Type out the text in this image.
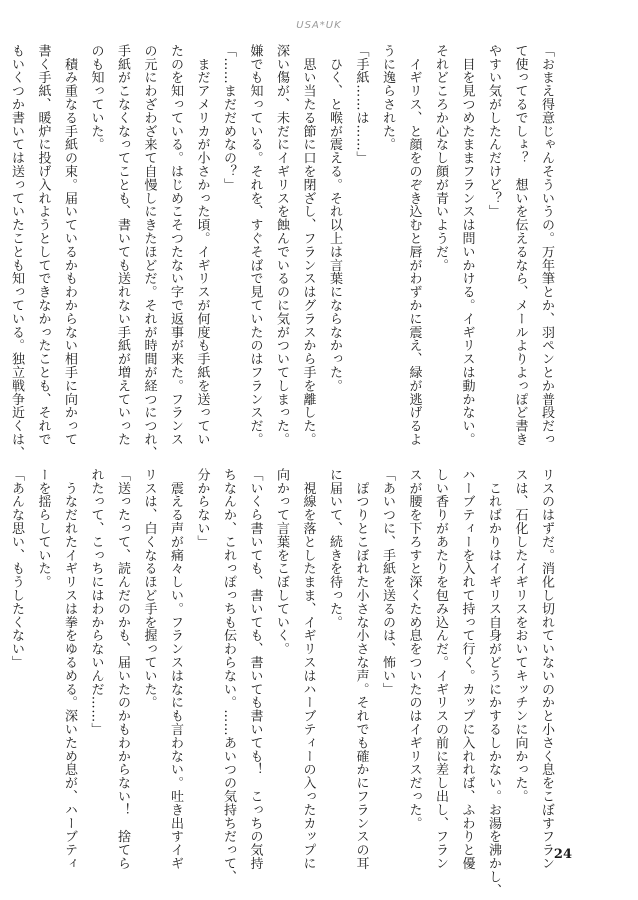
USA*UK
「おまえ得意じゃんそういうの。万年筆とか、羽ペンとか普段だっ
て使ってるでしょ？　想いを伝えるなら、メールよりよっぽど書き
やすい気がしたんだけど？」
　目を見つめたままフランスは問いかける。イギリスは動かない。
それどころか心なし顔が青いようだ。
　イギリス、と顔をのぞき込むと唇がわずかに震え、緑が逃げるよ
うに逸らされた。
「手紙……は……」
　ひく、と喉が震える。それ以上は言葉にならなかった。
　思い当たる節に口を閉ざし、フランスはグラスから手を離した。
深い傷が、未だにイギリスを蝕んでいるのに気がついてしまった。
嫌でも知っている。それを、すぐそばで見ていたのはフランスだ。
「……まだだめなの？」
　まだアメリカが小さかった頃。イギリスが何度も手紙を送ってい
たのを知っている。はじめこそつたない字で返事が来た。フランス
の元にわざわざ来て自慢しにきたほどだ。それが時間が経つにつれ、
手紙がこなくなってことも、書いても送れない手紙が増えていった
のも知っていた。
　積み重なる手紙の束。届いているかもわからない相手に向かって
書く手紙、暖炉に投げ入れようとしてできなかったことも、それで
もいくつか書いては送っていたことも知っている。独立戦争近くは、
リスのはずだ。消化し切れていないのかと小さく息をこぼすフラン
スは、石化したイギリスをおいてキッチンに向かった。
　こればかりはイギリス自身がどうにかするしかない。お湯を沸かし、
ハーブティーを入れて持って行く。カップに入れれば、ふわりと優
しい香りがあたりを包み込んだ。イギリスの前に差し出し、フラン
スが腰を下ろすと深くため息をついたのはイギリスだった。
「あいつに、手紙を送るのは、怖い」
　ぽつりとこぼれた小さな小さな声。それでも確かにフランスの耳
に届いて、続きを待った。
　視線を落としたまま、イギリスはハーブティーの入ったカップに
向かって言葉をこぼしていく。
「いくら書いても、書いても、書いても書いても！　こっちの気持
ちなんか、これっぽっちも伝わらない。……あいつの気持ちだって、
分からない」
　震える声が痛々しい。フランスはなにも言わない。吐き出すイギ
リスは、白くなるほど手を握っていた。
「送ったって、読んだのかも、届いたのかもわからない！　捨てら
れたって、こっちにはわからないんだ……」
　うなだれたイギリスは拳をゆるめる。深いため息が、ハーブティ
ーを揺らしていた。
「あんな思い、もうしたくない」
24
